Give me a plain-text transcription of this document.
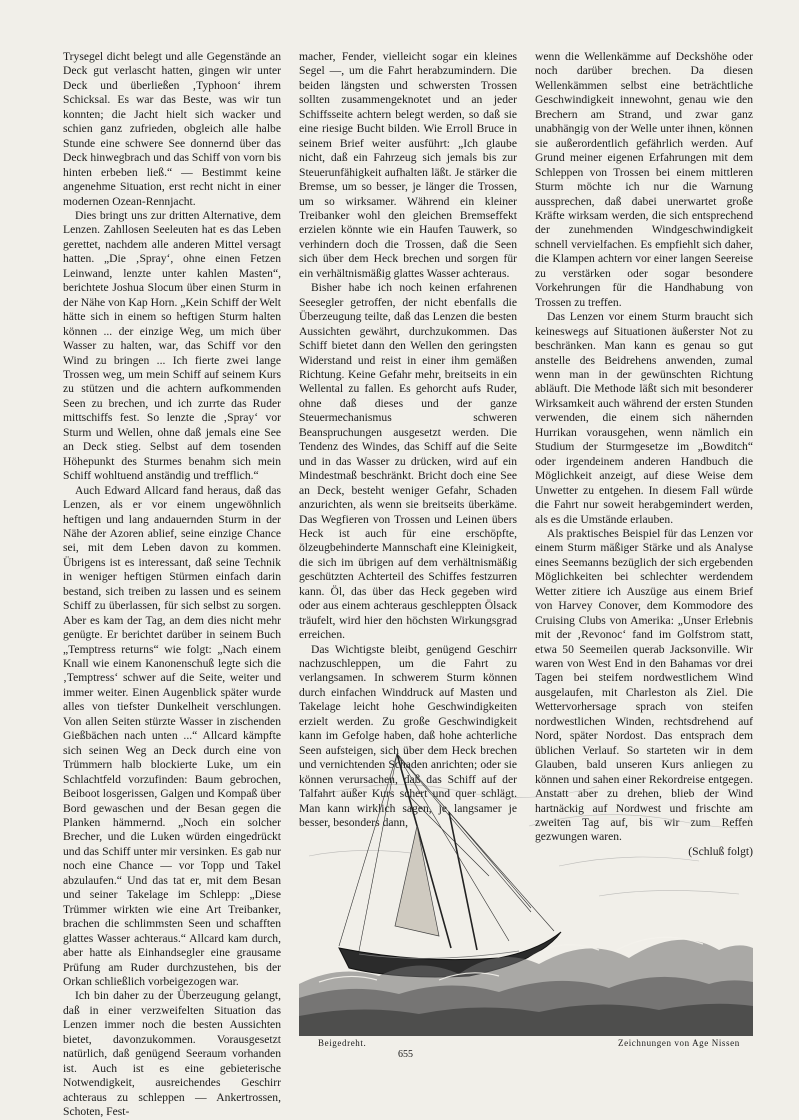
Trysegel dicht belegt und alle Gegenstände an Deck gut verlascht hatten, gingen wir unter Deck und überließen ‚Typhoon‘ ihrem Schicksal. Es war das Beste, was wir tun konnten; die Jacht hielt sich wacker und schien ganz zufrieden, obgleich alle halbe Stunde eine schwere See donnernd über das Deck hinwegbrach und das Schiff von vorn bis hinten erbeben ließ.“ — Bestimmt keine angenehme Situation, erst recht nicht in einer modernen Ozean-Rennjacht.

Dies bringt uns zur dritten Alternative, dem Lenzen. Zahllosen Seeleuten hat es das Leben gerettet, nachdem alle anderen Mittel versagt hatten. „Die ‚Spray‘, ohne einen Fetzen Leinwand, lenzte unter kahlen Masten“, berichtete Joshua Slocum über einen Sturm in der Nähe von Kap Horn. „Kein Schiff der Welt hätte sich in einem so heftigen Sturm halten können ... der einzige Weg, um mich über Wasser zu halten, war, das Schiff vor den Wind zu bringen ... Ich fierte zwei lange Trossen weg, um mein Schiff auf seinem Kurs zu stützen und die achtern aufkommenden Seen zu brechen, und ich zurrte das Ruder mittschiffs fest. So lenzte die ‚Spray‘ vor Sturm und Wellen, ohne daß jemals eine See an Deck stieg. Selbst auf dem tosenden Höhepunkt des Sturmes benahm sich mein Schiff wohltuend anständig und trefflich.“

Auch Edward Allcard fand heraus, daß das Lenzen, als er vor einem ungewöhnlich heftigen und lang andauernden Sturm in der Nähe der Azoren ablief, seine einzige Chance sei, mit dem Leben davon zu kommen. Übrigens ist es interessant, daß seine Technik in weniger heftigen Stürmen einfach darin bestand, sich treiben zu lassen und es seinem Schiff zu überlassen, für sich selbst zu sorgen. Aber es kam der Tag, an dem dies nicht mehr genügte. Er berichtet darüber in seinem Buch „Temptress returns“ wie folgt: „Nach einem Knall wie einem Kanonenschuß legte sich die ‚Temptress‘ schwer auf die Seite, weiter und immer weiter. Einen Augenblick später wurde alles von tiefster Dunkelheit verschlungen. Von allen Seiten stürzte Wasser in zischenden Gießbächen nach unten ...“ Allcard kämpfte sich seinen Weg an Deck durch eine von Trümmern halb blockierte Luke, um ein Schlachtfeld vorzufinden: Baum gebrochen, Beiboot losgerissen, Galgen und Kompaß über Bord gewaschen und der Besan gegen die Planken hämmernd. „Noch ein solcher Brecher, und die Luken würden eingedrückt und das Schiff unter mir versinken. Es gab nur noch eine Chance — vor Topp und Takel abzulaufen.“ Und das tat er, mit dem Besan und seiner Takelage im Schlepp: „Diese Trümmer wirkten wie eine Art Treibanker, brachen die schlimmsten Seen und schafften glattes Wasser achteraus.“ Allcard kam durch, aber hatte als Einhandsegler eine grausame Prüfung am Ruder durchzustehen, bis der Orkan schließlich vorbeigezogen war.

Ich bin daher zu der Überzeugung gelangt, daß in einer verzweifelten Situation das Lenzen immer noch die besten Aussichten bietet, davonzukommen. Vorausgesetzt natürlich, daß genügend Seeraum vorhanden ist. Auch ist es eine gebieterische Notwendigkeit, ausreichendes Geschirr achteraus zu schleppen — Ankertrossen, Schoten, Fest-

macher, Fender, vielleicht sogar ein kleines Segel —, um die Fahrt herabzumindern. Die beiden längsten und schwersten Trossen sollten zusammengeknotet und an jeder Schiffsseite achtern belegt werden, so daß sie eine riesige Bucht bilden. Wie Erroll Bruce in seinem Brief weiter ausführt: „Ich glaube nicht, daß ein Fahrzeug sich jemals bis zur Steuerunfähigkeit aufhalten läßt. Je stärker die Bremse, um so besser, je länger die Trossen, um so wirksamer. Während ein kleiner Treibanker wohl den gleichen Bremseffekt erzielen könnte wie ein Haufen Tauwerk, so verhindern doch die Trossen, daß die Seen sich über dem Heck brechen und sorgen für ein verhältnismäßig glattes Wasser achteraus.

Bisher habe ich noch keinen erfahrenen Seesegler getroffen, der nicht ebenfalls die Überzeugung teilte, daß das Lenzen die besten Aussichten gewährt, durchzukommen. Das Schiff bietet dann den Wellen den geringsten Widerstand und reist in einer ihm gemäßen Richtung. Keine Gefahr mehr, breitseits in ein Wellental zu fallen. Es gehorcht aufs Ruder, ohne daß dieses und der ganze Steuermechanismus schweren Beanspruchungen ausgesetzt werden. Die Tendenz des Windes, das Schiff auf die Seite und in das Wasser zu drücken, wird auf ein Mindestmaß beschränkt. Bricht doch eine See an Deck, besteht weniger Gefahr, Schaden anzurichten, als wenn sie breitseits überkäme. Das Wegfieren von Trossen und Leinen übers Heck ist auch für eine erschöpfte, ölzeugbehinderte Mannschaft eine Kleinigkeit, die sich im übrigen auf dem verhältnismäßig geschützten Achterteil des Schiffes festzurren kann. Öl, das über das Heck gegeben wird oder aus einem achteraus geschleppten Ölsack träufelt, wird hier den höchsten Wirkungsgrad erreichen.

Das Wichtigste bleibt, genügend Geschirr nachzuschleppen, um die Fahrt zu verlangsamen. In schwerem Sturm können durch einfachen Winddruck auf Masten und Takelage leicht hohe Geschwindigkeiten erzielt werden. Zu große Geschwindigkeit kann im Gefolge haben, daß hohe achterliche Seen aufsteigen, sich über dem Heck brechen und vernichtenden Schaden anrichten; oder sie können verursachen, daß das Schiff auf der Talfahrt außer Kurs schert und quer schlägt. Man kann wirklich sagen, je langsamer je besser, besonders dann,

wenn die Wellenkämme auf Deckshöhe oder noch darüber brechen. Da diesen Wellenkämmen selbst eine beträchtliche Geschwindigkeit innewohnt, genau wie den Brechern am Strand, und zwar ganz unabhängig von der Welle unter ihnen, können sie außerordentlich gefährlich werden. Auf Grund meiner eigenen Erfahrungen mit dem Schleppen von Trossen bei einem mittleren Sturm möchte ich nur die Warnung aussprechen, daß dabei unerwartet große Kräfte wirksam werden, die sich entsprechend der zunehmenden Windgeschwindigkeit schnell vervielfachen. Es empfiehlt sich daher, die Klampen achtern vor einer langen Seereise zu verstärken oder sogar besondere Vorkehrungen für die Handhabung von Trossen zu treffen.

Das Lenzen vor einem Sturm braucht sich keineswegs auf Situationen äußerster Not zu beschränken. Man kann es genau so gut anstelle des Beidrehens anwenden, zumal wenn man in der gewünschten Richtung abläuft. Die Methode läßt sich mit besonderer Wirksamkeit auch während der ersten Stunden verwenden, die einem sich nähernden Hurrikan vorausgehen, wenn nämlich ein Studium der Sturmgesetze im „Bowditch“ oder irgendeinem anderen Handbuch die Möglichkeit anzeigt, auf diese Weise dem Unwetter zu entgehen. In diesem Fall würde die Fahrt nur soweit herabgemindert werden, als es die Umstände erlauben.

Als praktisches Beispiel für das Lenzen vor einem Sturm mäßiger Stärke und als Analyse eines Seemanns bezüglich der sich ergebenden Möglichkeiten bei schlechter werdendem Wetter zitiere ich Auszüge aus einem Brief von Harvey Conover, dem Kommodore des Cruising Clubs von Amerika: „Unser Erlebnis mit der ‚Revonoc‘ fand im Golfstrom statt, etwa 50 Seemeilen querab Jacksonville. Wir waren von West End in den Bahamas vor drei Tagen bei steifem nordwestlichem Wind ausgelaufen, mit Charleston als Ziel. Die Wettervorhersage sprach von steifen nordwestlichen Winden, rechtsdrehend auf Nord, später Nordost. Das entsprach dem üblichen Verlauf. So starteten wir in dem Glauben, bald unseren Kurs anliegen zu können und sahen einer Rekordreise entgegen. Anstatt aber zu drehen, blieb der Wind hartnäckig auf Nordwest und frischte am zweiten Tag auf, bis wir zum Reffen gezwungen waren.

(Schluß folgt)

Beigedreht.	Zeichnungen von Age Nissen
655
